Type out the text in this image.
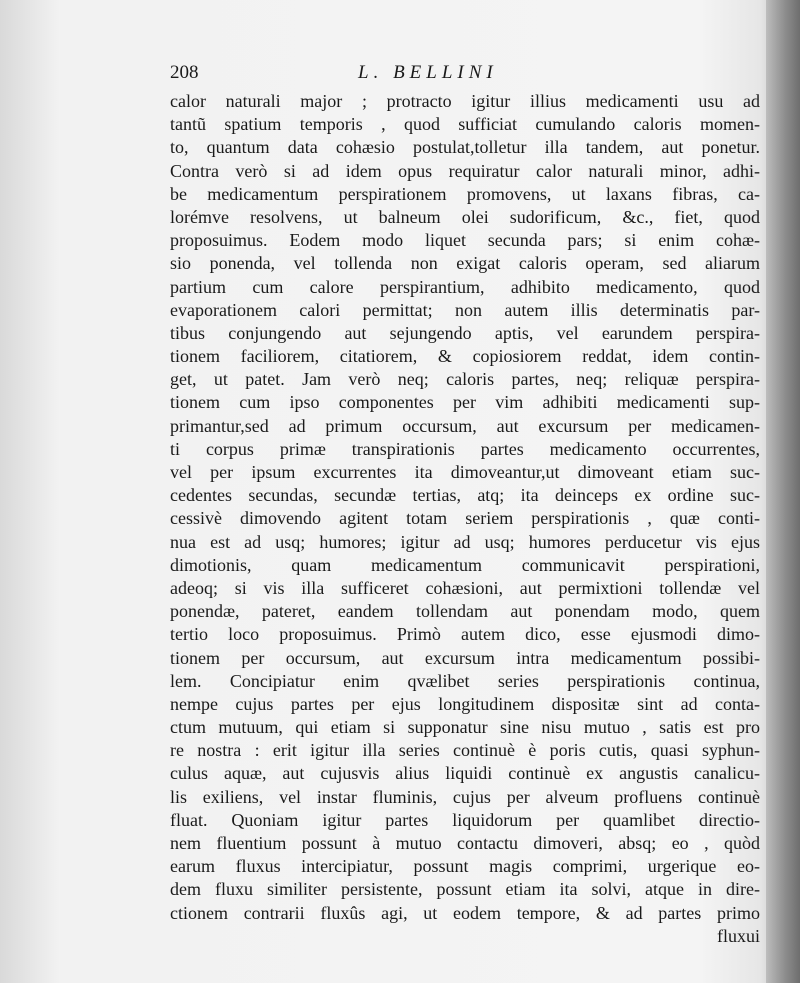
208	L. BELLINI
calor naturali major ; protracto igitur illius medicamenti usu ad
tantũ spatium temporis , quod sufficiat cumulando caloris momen-
to, quantum data cohæsio postulat,tolletur illa tandem, aut ponetur.
Contra verò si ad idem opus requiratur calor naturali minor, adhi-
be medicamentum perspirationem promovens, ut laxans fibras, ca-
lorémve resolvens, ut balneum olei sudorificum, &c., fiet, quod
proposuimus. Eodem modo liquet secunda pars; si enim cohæ-
sio ponenda, vel tollenda non exigat caloris operam, sed aliarum
partium cum calore perspirantium, adhibito medicamento, quod
evaporationem calori permittat; non autem illis determinatis par-
tibus conjungendo aut sejungendo aptis, vel earundem perspira-
tionem faciliorem, citatiorem, & copiosiorem reddat, idem contin-
get, ut patet. Jam verò neq; caloris partes, neq; reliquæ perspira-
tionem cum ipso componentes per vim adhibiti medicamenti sup-
primantur,sed ad primum occursum, aut excursum per medicamen-
ti corpus primæ transpirationis partes medicamento occurrentes,
vel per ipsum excurrentes ita dimoveantur,ut dimoveant etiam suc-
cedentes secundas, secundæ tertias, atq; ita deinceps ex ordine suc-
cessivè dimovendo agitent totam seriem perspirationis , quæ conti-
nua est ad usq; humores; igitur ad usq; humores perducetur vis ejus
dimotionis, quam medicamentum communicavit perspirationi,
adeoq; si vis illa sufficeret cohæsioni, aut permixtioni tollendæ vel
ponendæ, pateret, eandem tollendam aut ponendam modo, quem
tertio loco proposuimus. Primò autem dico, esse ejusmodi dimo-
tionem per occursum, aut excursum intra medicamentum possibi-
lem. Concipiatur enim qvælibet series perspirationis continua,
nempe cujus partes per ejus longitudinem dispositæ sint ad conta-
ctum mutuum, qui etiam si supponatur sine nisu mutuo , satis est pro
re nostra : erit igitur illa series continuè è poris cutis, quasi syphun-
culus aquæ, aut cujusvis alius liquidi continuè ex angustis canalicu-
lis exiliens, vel instar fluminis, cujus per alveum profluens continuè
fluat. Quoniam igitur partes liquidorum per quamlibet directio-
nem fluentium possunt à mutuo contactu dimoveri, absq; eo , quòd
earum fluxus intercipiatur, possunt magis comprimi, urgerique eo-
dem fluxu similiter persistente, possunt etiam ita solvi, atque in dire-
ctionem contrarii fluxûs agi, ut eodem tempore, & ad partes primo
fluxui
